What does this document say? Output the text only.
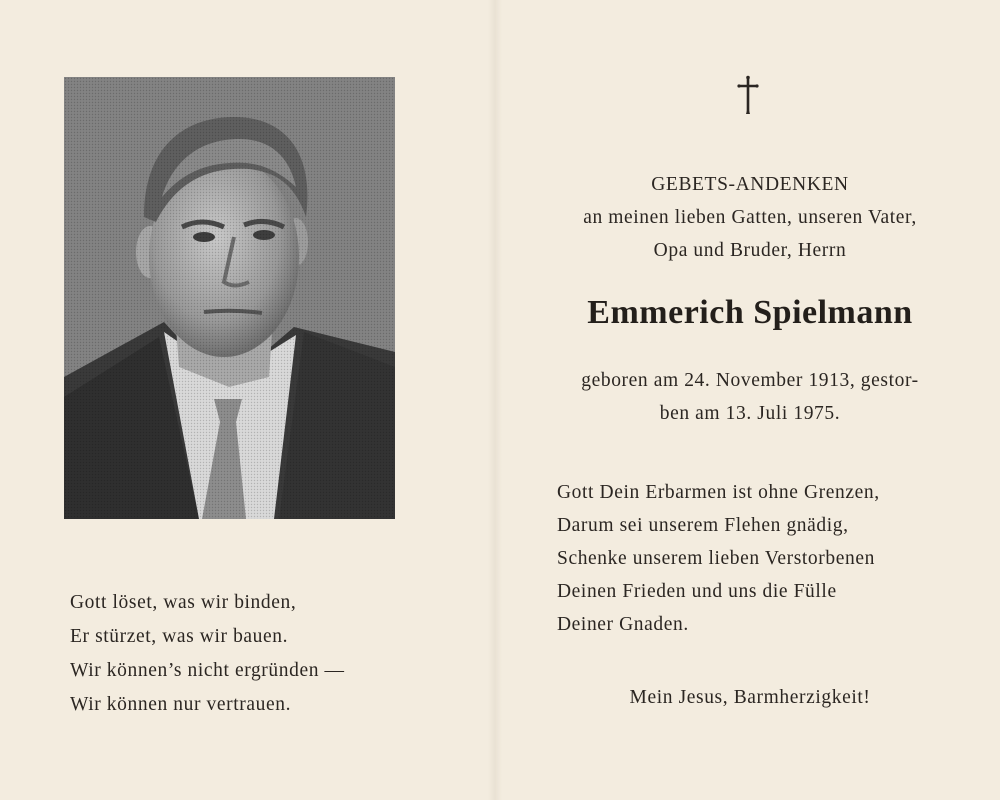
Gott löset, was wir binden,
Er stürzet, was wir bauen.
Wir können’s nicht ergründen —
Wir können nur vertrauen.
GEBETS-ANDENKEN
an meinen lieben Gatten, unseren Vater,
Opa und Bruder, Herrn
Emmerich Spielmann
geboren am 24. November 1913, gestor-
ben am 13. Juli 1975.
Gott Dein Erbarmen ist ohne Grenzen,
Darum sei unserem Flehen gnädig,
Schenke unserem lieben Verstorbenen
Deinen Frieden und uns die Fülle
Deiner Gnaden.
Mein Jesus, Barmherzigkeit!
